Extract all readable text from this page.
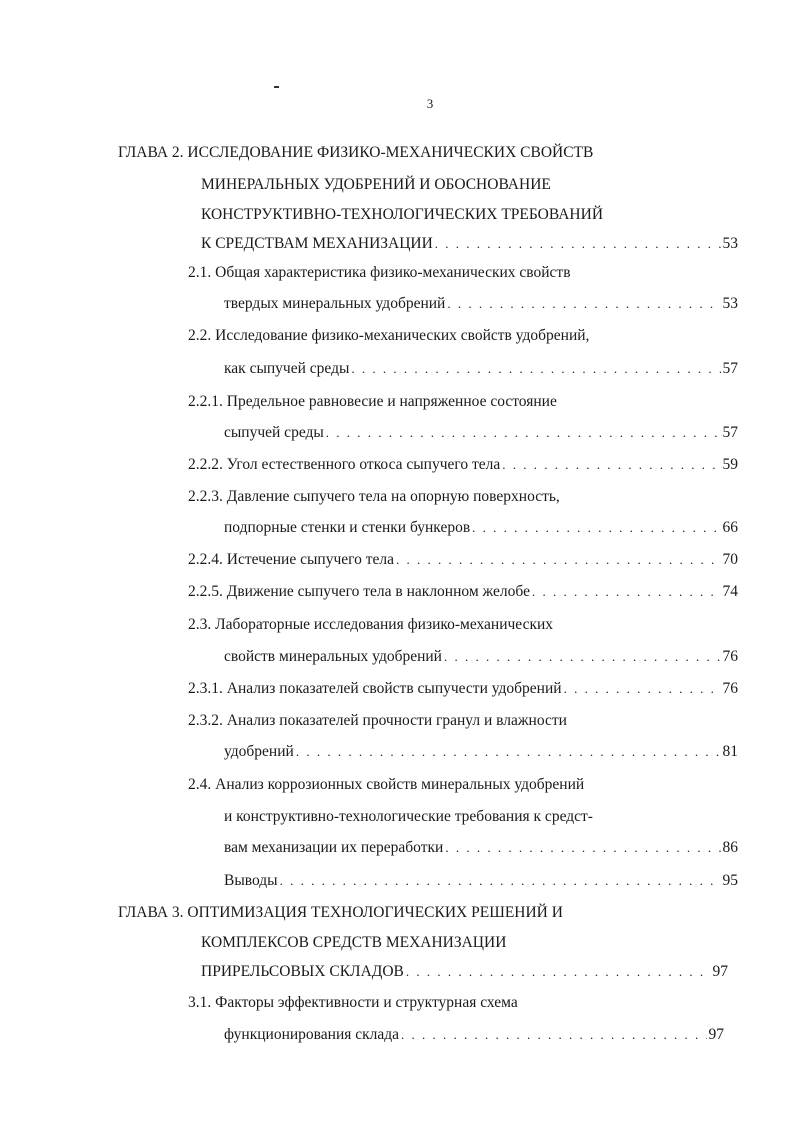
3
ГЛАВА 2. ИССЛЕДОВАНИЕ ФИЗИКО-МЕХАНИЧЕСКИХ СВОЙСТВ
МИНЕРАЛЬНЫХ УДОБРЕНИЙ И ОБОСНОВАНИЕ
КОНСТРУКТИВНО-ТЕХНОЛОГИЧЕСКИХ ТРЕБОВАНИЙ
К СРЕДСТВАМ МЕХАНИЗАЦИИ . . .	53
2.1. Общая характеристика физико-механических свойств
твердых минеральных удобрений . . .	53
2.2. Исследование физико-механических свойств удобрений,
как сыпучей среды . . .	57
2.2.1. Предельное равновесие и напряженное состояние
сыпучей среды . . .	57
2.2.2. Угол естественного откоса сыпучего тела . . .	59
2.2.3. Давление сыпучего тела на опорную поверхность,
подпорные стенки и стенки бункеров . . .	66
2.2.4. Истечение сыпучего тела . . .	70
2.2.5. Движение сыпучего тела в наклонном желобе . . .	74
2.3. Лабораторные исследования физико-механических
свойств минеральных удобрений . . .	76
2.3.1. Анализ показателей свойств сыпучести удобрений . . .	76
2.3.2. Анализ показателей прочности гранул и влажности
удобрений . . .	81
2.4. Анализ коррозионных свойств минеральных удобрений
и конструктивно-технологические требования к средст-
вам механизации их переработки . . .	86
Выводы . . .	95
ГЛАВА 3. ОПТИМИЗАЦИЯ ТЕХНОЛОГИЧЕСКИХ РЕШЕНИЙ И
КОМПЛЕКСОВ СРЕДСТВ МЕХАНИЗАЦИИ
ПРИРЕЛЬСОВЫХ СКЛАДОВ . . .	97
3.1. Факторы эффективности и структурная схема
функционирования склада . . .	97
